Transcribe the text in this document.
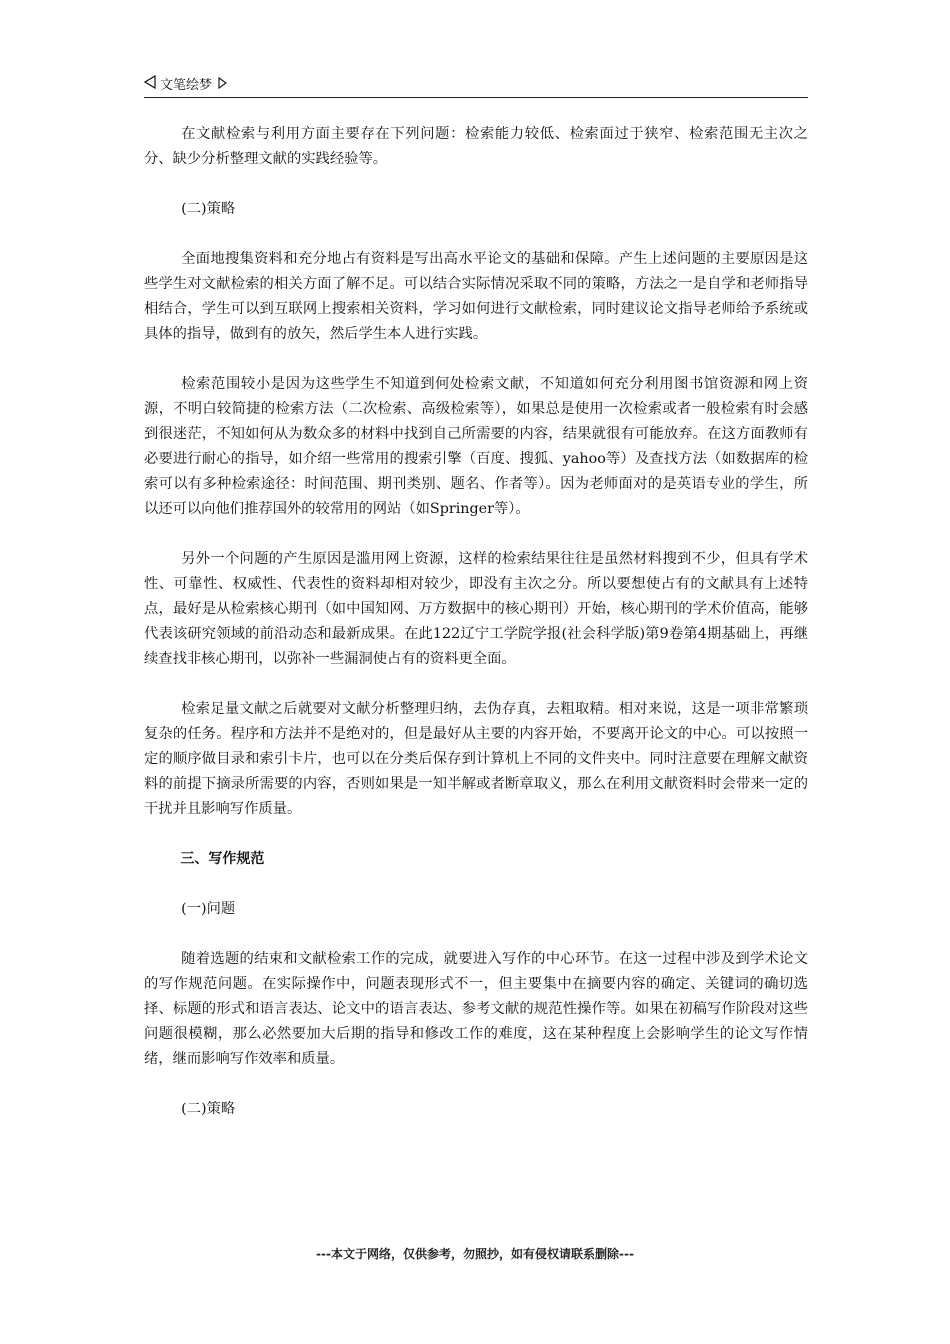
文笔绘梦

在文献检索与利用方面主要存在下列问题：检索能力较低、检索面过于狭窄、检索范围无主次之分、缺少分析整理文献的实践经验等。

(二)策略

全面地搜集资料和充分地占有资料是写出高水平论文的基础和保障。产生上述问题的主要原因是这些学生对文献检索的相关方面了解不足。可以结合实际情况采取不同的策略，方法之一是自学和老师指导相结合，学生可以到互联网上搜索相关资料，学习如何进行文献检索，同时建议论文指导老师给予系统或具体的指导，做到有的放矢，然后学生本人进行实践。

检索范围较小是因为这些学生不知道到何处检索文献，不知道如何充分利用图书馆资源和网上资源，不明白较简捷的检索方法（二次检索、高级检索等），如果总是使用一次检索或者一般检索有时会感到很迷茫，不知如何从为数众多的材料中找到自己所需要的内容，结果就很有可能放弃。在这方面教师有必要进行耐心的指导，如介绍一些常用的搜索引擎（百度、搜狐、yahoo等）及查找方法（如数据库的检索可以有多种检索途径：时间范围、期刊类别、题名、作者等）。因为老师面对的是英语专业的学生，所以还可以向他们推荐国外的较常用的网站（如Springer等）。

另外一个问题的产生原因是滥用网上资源，这样的检索结果往往是虽然材料搜到不少，但具有学术性、可靠性、权威性、代表性的资料却相对较少，即没有主次之分。所以要想使占有的文献具有上述特点，最好是从检索核心期刊（如中国知网、万方数据中的核心期刊）开始，核心期刊的学术价值高，能够代表该研究领域的前沿动态和最新成果。在此122辽宁工学院学报(社会科学版)第9卷第4期基础上，再继续查找非核心期刊，以弥补一些漏洞使占有的资料更全面。

检索足量文献之后就要对文献分析整理归纳，去伪存真，去粗取精。相对来说，这是一项非常繁琐复杂的任务。程序和方法并不是绝对的，但是最好从主要的内容开始，不要离开论文的中心。可以按照一定的顺序做目录和索引卡片，也可以在分类后保存到计算机上不同的文件夹中。同时注意要在理解文献资料的前提下摘录所需要的内容，否则如果是一知半解或者断章取义，那么在利用文献资料时会带来一定的干扰并且影响写作质量。

三、写作规范

(一)问题

随着选题的结束和文献检索工作的完成，就要进入写作的中心环节。在这一过程中涉及到学术论文的写作规范问题。在实际操作中，问题表现形式不一，但主要集中在摘要内容的确定、关键词的确切选择、标题的形式和语言表达、论文中的语言表达、参考文献的规范性操作等。如果在初稿写作阶段对这些问题很模糊，那么必然要加大后期的指导和修改工作的难度，这在某种程度上会影响学生的论文写作情绪，继而影响写作效率和质量。

(二)策略

---本文于网络，仅供参考，勿照抄，如有侵权请联系删除---
